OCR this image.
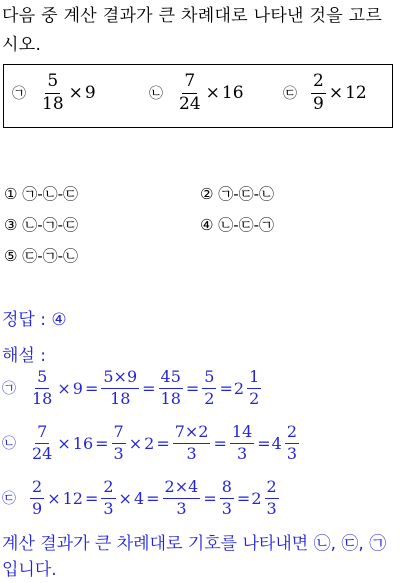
다음 중 계산 결과가 큰 차례대로 나타낸 것을 고르
시오.
㉠ $\frac{5}{18} \times 9$	㉡ $\frac{7}{24} \times 16$	㉢ $\frac{2}{9} \times 12$
① ㉠-㉡-㉢	② ㉠-㉢-㉡
③ ㉡-㉠-㉢	④ ㉡-㉢-㉠
⑤ ㉢-㉠-㉡
정답 : ④
해설 :
㉠ $\frac{5}{18} \times 9 = \frac{5\times 9}{18} = \frac{45}{18} = \frac{5}{2} = 2 \frac{1}{2}$
㉡ $\frac{7}{24} \times 16 = \frac{7}{3} \times 2 = \frac{7\times 2}{3} = \frac{14}{3} = 4 \frac{2}{3}$
㉢ $\frac{2}{9} \times 12 = \frac{2}{3} \times 4 = \frac{2\times 4}{3} = \frac{8}{3} = 2 \frac{2}{3}$
계산 결과가 큰 차례대로 기호를 나타내면 ㉡, ㉢, ㉠
입니다.
